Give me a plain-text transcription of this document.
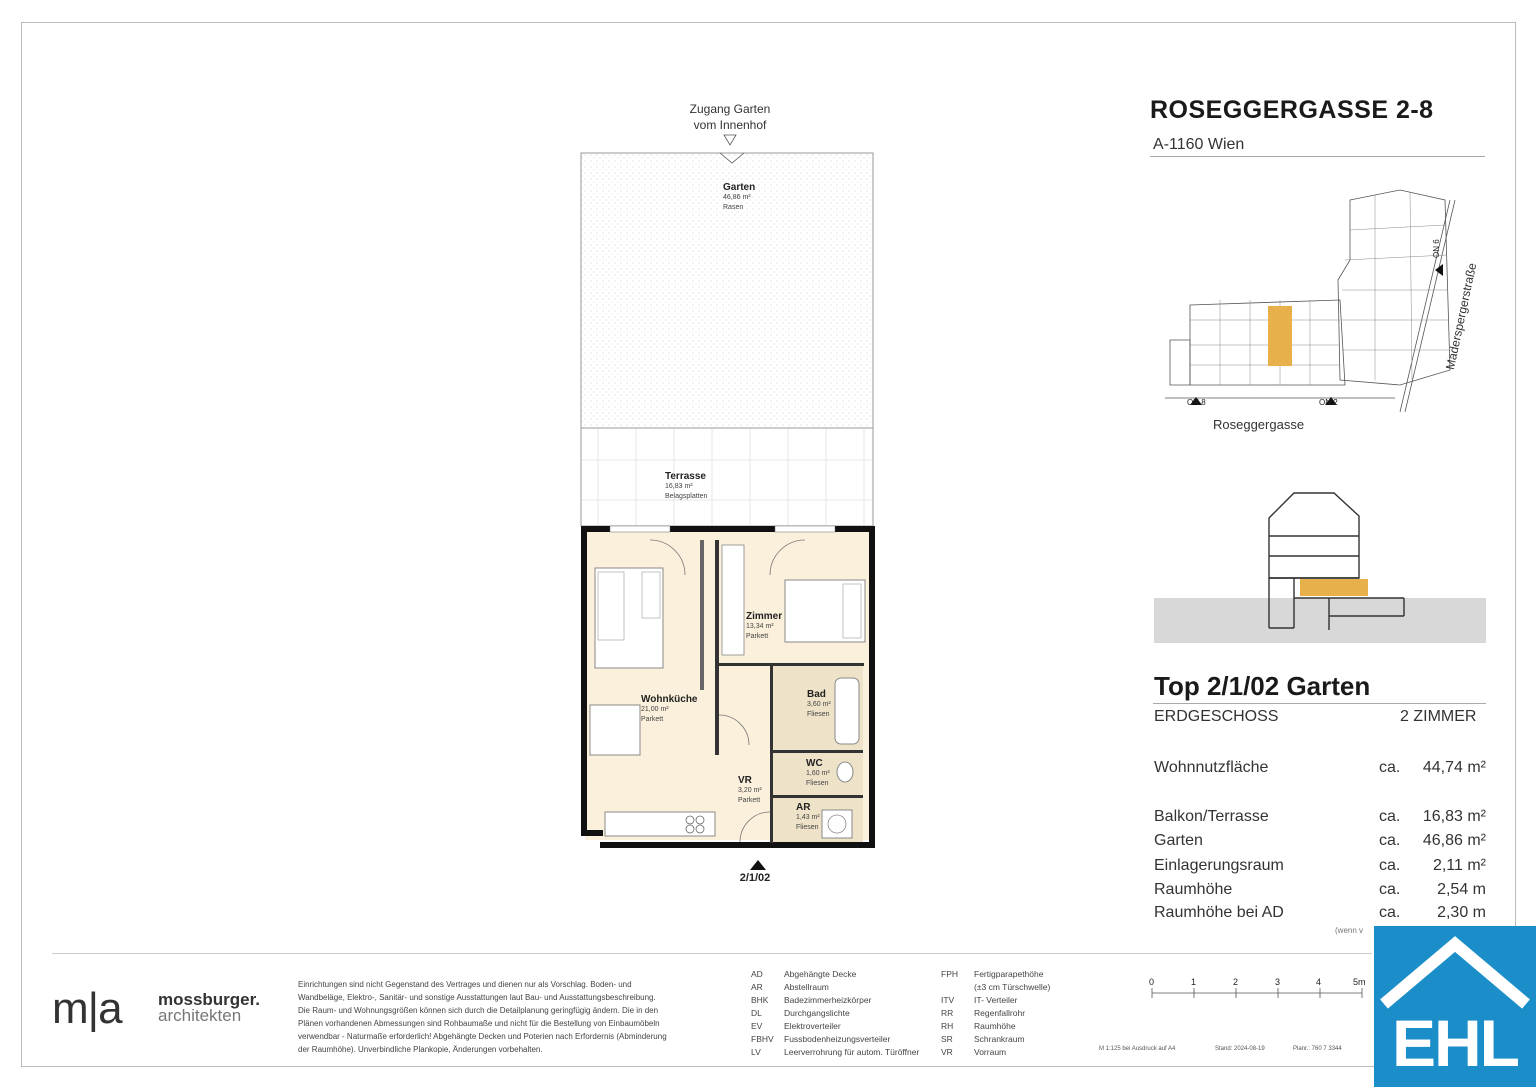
Zugang Garten
vom Innenhof
Garten
46,86 m²
Rasen
Terrasse
16,83 m²
Belagsplatten
Wohnküche
21,00 m²
Parkett
Zimmer
13,34 m²
Parkett
Bad
3,60 m²
Fliesen
WC
1,60 m²
Fliesen
VR
3,20 m²
Parkett
AR
1,43 m²
Fliesen
2/1/02
ROSEGGERGASSE 2-8
A-1160 Wien
ON 8	ON 2
ON 6
Roseggergasse
Maderspergerstraße
Top 2/1/02 Garten
ERDGESCHOSS	2 ZIMMER
Wohnnutzfläche	ca. 44,74 m²
Balkon/Terrasse	ca. 16,83 m²
Garten	ca. 46,86 m²
Einlagerungsraum	ca. 2,11 m²
Raumhöhe	ca. 2,54 m
Raumhöhe bei AD	ca. 2,30 m
(wenn v
m|a mossburger.
architekten
Einrichtungen sind nicht Gegenstand des Vertrages und dienen nur als Vorschlag. Boden- und
Wandbeläge, Elektro-, Sanitär- und sonstige Ausstattungen laut Bau- und Ausstattungsbeschreibung.
Die Raum- und Wohnungsgrößen können sich durch die Detailplanung geringfügig ändern. Die in den
Plänen vorhandenen Abmessungen sind Rohbaumaße und nicht für die Bestellung von Einbaumöbeln
verwendbar - Naturmaße erforderlich! Abgehängte Decken und Poterien nach Erfordernis (Abminderung
der Raumhöhe). Unverbindliche Plankopie, Änderungen vorbehalten.
AD Abgehängte Decke
AR Abstellraum
BHK Badezimmerheizkörper
DL	Durchgangslichte
EV	Elektroverteiler
FBHV Fussbodenheizungsverteiler
LV	Leerverrohrung für autom. Türöffner
FPH Fertigparapethöhe
(±3 cm Türschwelle)
ITV IT- Verteiler
RR Regenfallrohr
RH Raumhöhe
SR Schrankraum
VR Vorraum
0	1	2	3	4	5m
M 1:125 bei Ausdruck auf A4	Stand: 2024-08-19	Planr.: 760 7 3344 EHL
